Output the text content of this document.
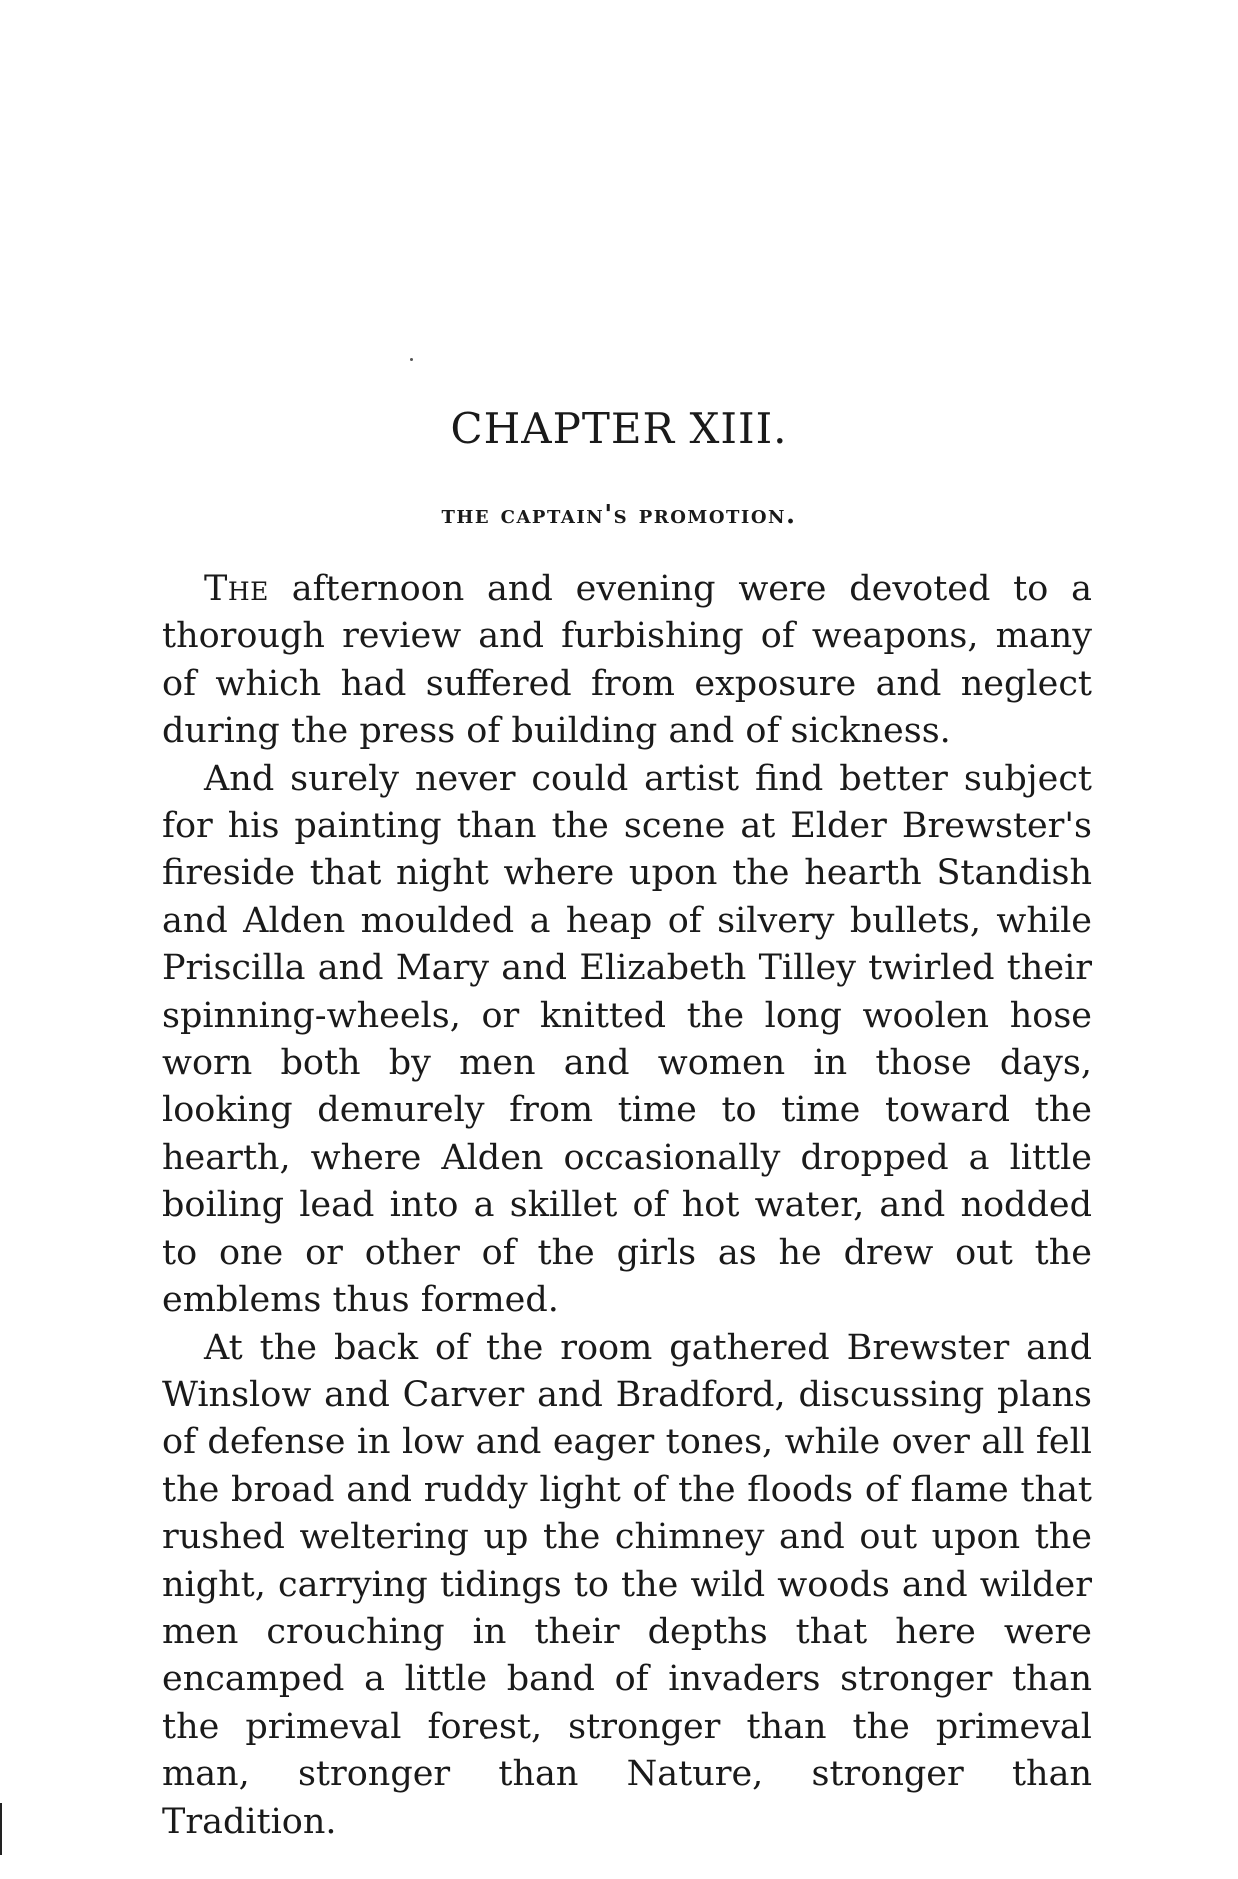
CHAPTER XIII.
the captain's promotion.

The afternoon and evening were devoted to a thorough review and furbishing of weapons, many of which had suffered from exposure and neglect during the press of building and of sickness.

And surely never could artist find better subject for his painting than the scene at Elder Brewster's fireside that night where upon the hearth Standish and Alden moulded a heap of silvery bullets, while Priscilla and Mary and Elizabeth Tilley twirled their spinning-wheels, or knitted the long woolen hose worn both by men and women in those days, looking demurely from time to time toward the hearth, where Alden occasionally dropped a little boiling lead into a skillet of hot water, and nodded to one or other of the girls as he drew out the emblems thus formed.

At the back of the room gathered Brewster and Winslow and Carver and Bradford, discussing plans of defense in low and eager tones, while over all fell the broad and ruddy light of the floods of flame that rushed weltering up the chimney and out upon the night, carrying tidings to the wild woods and wilder men crouching in their depths that here were encamped a little band of invaders stronger than the primeval forest, stronger than the primeval man, stronger than Nature, stronger than Tradition.
